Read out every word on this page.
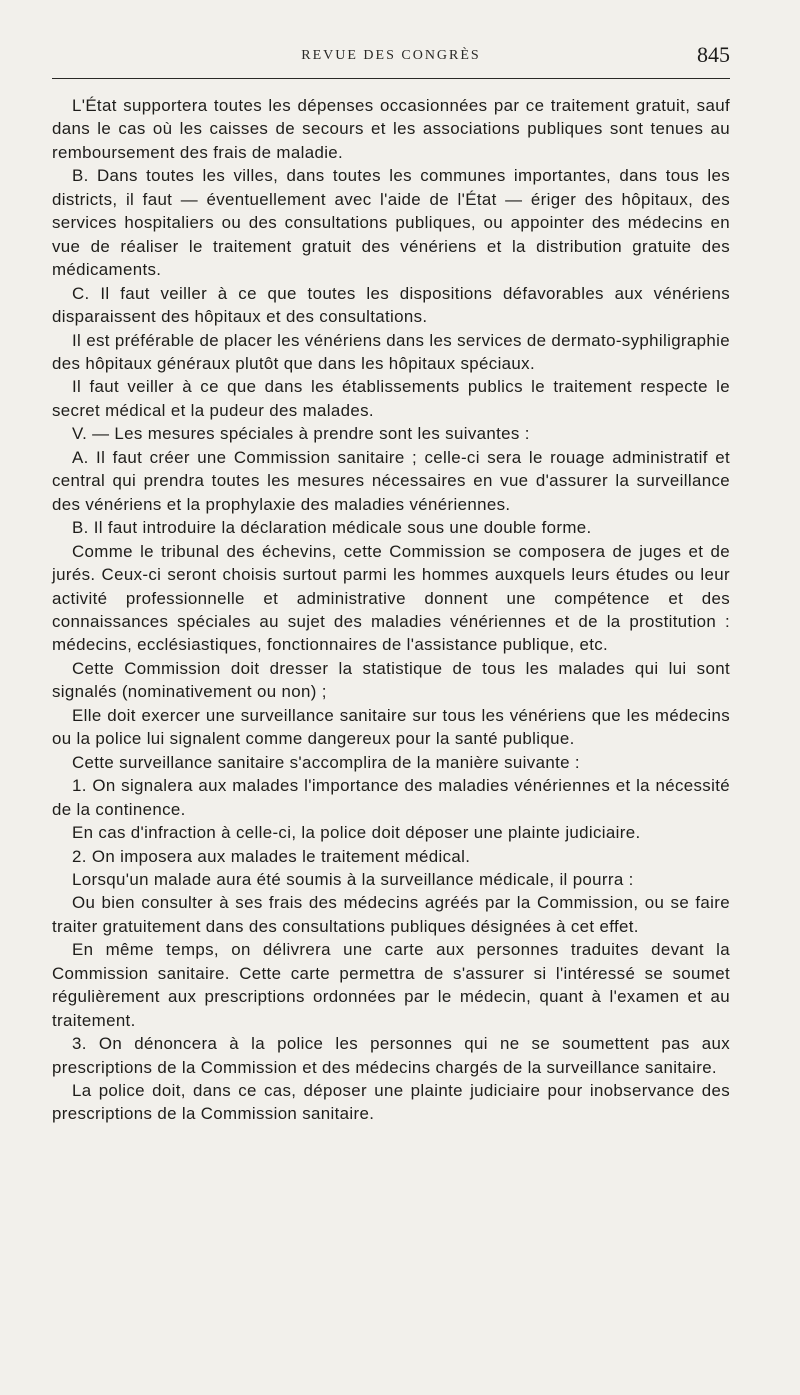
REVUE DES CONGRÈS	845

L'État supportera toutes les dépenses occasionnées par ce traitement gratuit, sauf dans le cas où les caisses de secours et les associations publiques sont tenues au remboursement des frais de maladie.

B. Dans toutes les villes, dans toutes les communes importantes, dans tous les districts, il faut — éventuellement avec l'aide de l'État — ériger des hôpitaux, des services hospitaliers ou des consultations publiques, ou appointer des médecins en vue de réaliser le traitement gratuit des vénériens et la distribution gratuite des médicaments.

C. Il faut veiller à ce que toutes les dispositions défavorables aux vénériens disparaissent des hôpitaux et des consultations.

Il est préférable de placer les vénériens dans les services de dermato-syphiligraphie des hôpitaux généraux plutôt que dans les hôpitaux spéciaux.

Il faut veiller à ce que dans les établissements publics le traitement respecte le secret médical et la pudeur des malades.

V. — Les mesures spéciales à prendre sont les suivantes :

A. Il faut créer une Commission sanitaire ; celle-ci sera le rouage administratif et central qui prendra toutes les mesures nécessaires en vue d'assurer la surveillance des vénériens et la prophylaxie des maladies vénériennes.

B. Il faut introduire la déclaration médicale sous une double forme.

Comme le tribunal des échevins, cette Commission se composera de juges et de jurés. Ceux-ci seront choisis surtout parmi les hommes auxquels leurs études ou leur activité professionnelle et administrative donnent une compétence et des connaissances spéciales au sujet des maladies vénériennes et de la prostitution : médecins, ecclésiastiques, fonctionnaires de l'assistance publique, etc.

Cette Commission doit dresser la statistique de tous les malades qui lui sont signalés (nominativement ou non) ;

Elle doit exercer une surveillance sanitaire sur tous les vénériens que les médecins ou la police lui signalent comme dangereux pour la santé publique.

Cette surveillance sanitaire s'accomplira de la manière suivante :

1. On signalera aux malades l'importance des maladies vénériennes et la nécessité de la continence.

En cas d'infraction à celle-ci, la police doit déposer une plainte judiciaire.

2. On imposera aux malades le traitement médical.

Lorsqu'un malade aura été soumis à la surveillance médicale, il pourra :

Ou bien consulter à ses frais des médecins agréés par la Commission, ou se faire traiter gratuitement dans des consultations publiques désignées à cet effet.

En même temps, on délivrera une carte aux personnes traduites devant la Commission sanitaire. Cette carte permettra de s'assurer si l'intéressé se soumet régulièrement aux prescriptions ordonnées par le médecin, quant à l'examen et au traitement.

3. On dénoncera à la police les personnes qui ne se soumettent pas aux prescriptions de la Commission et des médecins chargés de la surveillance sanitaire.

La police doit, dans ce cas, déposer une plainte judiciaire pour inobservance des prescriptions de la Commission sanitaire.
